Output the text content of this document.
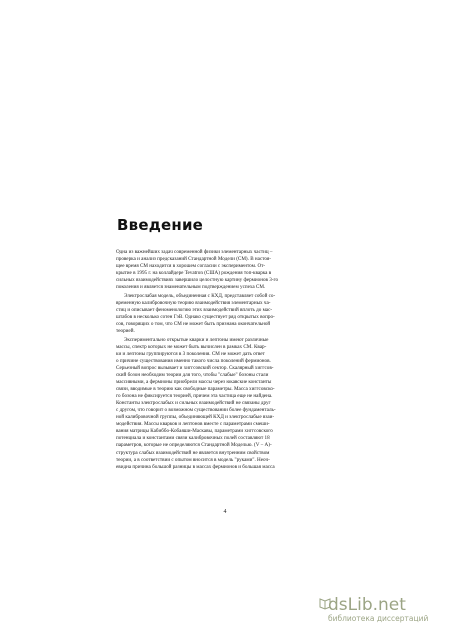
Введение
Одна из важнейших задач современной физики элементарных частиц –
проверка и анализ предсказаний Стандартной Модели (СМ). В настоя-
щее время СМ находится в хорошем согласии с экспериментом. От-
крытие в 1995 г. на коллайдере Tevatron (США) рождения топ-кварка в
сильных взаимодействиях завершило целостную картину фермионов 3-го
поколения и является знаменательным подтверждением успеха СМ.
Электрослабая модель, объединенная с КХД, представляет собой со-
временную калибровочную теорию взаимодействия элементарных ча-
стиц и описывает феноменологию этих взаимодействий вплоть до мас-
штабов в несколько сотен ГэВ. Однако существует ряд открытых вопро-
сов, говорящих о том, что СМ не может быть признана окончательной
теорией.
Экспериментально открытые кварки и лептоны имеют различные
массы, спектр которых не может быть вычислен в рамках СМ. Квар-
ки и лептоны группируются в 3 поколения. СМ не может дать ответ
о причине существования именно такого числа поколений фермионов.
Серьезный вопрос вызывает и хиггсовский сектор. Скалярный хиггсов-
ский бозон необходим теории для того, чтобы "слабые" бозоны стали
массивными, а фермионы приобрели массы через юкавские константы
связи, вводимые в теорию как свободные параметры. Масса хиггсовско-
го бозона не фиксируется теорией, причем эта частица еще не найдена.
Константы электрослабых и сильных взаимодействий не связаны друг
с другом, что говорит о возможном существовании более фундаменталь-
ной калибровочной группы, объединяющей КХД и электрослабые взаи-
модействия. Массы кварков и лептонов вместе с параметрами смеши-
вания матрицы Кабиббо-Кобаяши-Маскавы, параметрами хиггсовского
потенциала и константами связи калибровочных полей составляют 18
параметров, которые не определяются Стандартной Моделью. (V − A)-
структура слабых взаимодействий не является внутренним свойством
теории, а в соответствии с опытом вносится в модель "руками". Неоч-
евидна причина большой разницы в массах фермионов и большая масса
4
dsLib.net
библиотека диссертаций
